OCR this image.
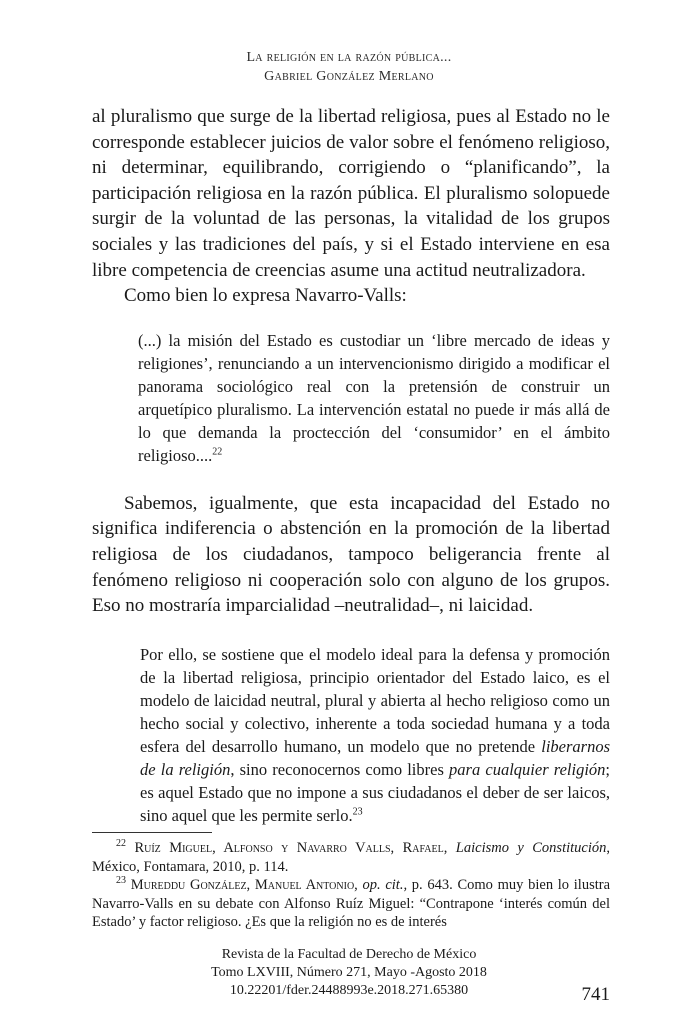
La religión en la razón pública...
Gabriel González Merlano

al pluralismo que surge de la libertad religiosa, pues al Estado no le corresponde establecer juicios de valor sobre el fenómeno religioso, ni determinar, equilibrando, corrigiendo o “planificando”, la participación religiosa en la razón pública. El pluralismo solopuede surgir de la voluntad de las personas, la vitalidad de los grupos sociales y las tradiciones del país, y si el Estado interviene en esa libre competencia de creencias asume una actitud neutralizadora.

Como bien lo expresa Navarro-Valls:

(...) la misión del Estado es custodiar un ‘libre mercado de ideas y religiones’, renunciando a un intervencionismo dirigido a modificar el panorama sociológico real con la pretensión de construir un arquetípico pluralismo. La intervención estatal no puede ir más allá de lo que demanda la proctección del ‘consumidor’ en el ámbito religioso....$^{22}$

Sabemos, igualmente, que esta incapacidad del Estado no significa indiferencia o abstención en la promoción de la libertad religiosa de los ciudadanos, tampoco beligerancia frente al fenómeno religioso ni cooperación solo con alguno de los grupos. Eso no mostraría imparcialidad –neutralidad–, ni laicidad.

Por ello, se sostiene que el modelo ideal para la defensa y promoción de la libertad religiosa, principio orientador del Estado laico, es el modelo de laicidad neutral, plural y abierta al hecho religioso como un hecho social y colectivo, inherente a toda sociedad humana y a toda esfera del desarrollo humano, un modelo que no pretende liberarnos de la religión, sino reconocernos como libres para cualquier religión; es aquel Estado que no impone a sus ciudadanos el deber de ser laicos, sino aquel que les permite serlo.$^{23}$

$^{22}$ Ruíz Miguel, Alfonso y Navarro Valls, Rafael, Laicismo y Constitución, México, Fontamara, 2010, p. 114.

$^{23}$ Mureddu González, Manuel Antonio, op. cit., p. 643. Como muy bien lo ilustra Navarro-Valls en su debate con Alfonso Ruíz Miguel: “Contrapone ‘interés común del Estado’ y factor religioso. ¿Es que la religión no es de interés

Revista de la Facultad de Derecho de México
Tomo LXVIII, Número 271, Mayo -Agosto 2018
10.22201/fder.24488993e.2018.271.65380	741
